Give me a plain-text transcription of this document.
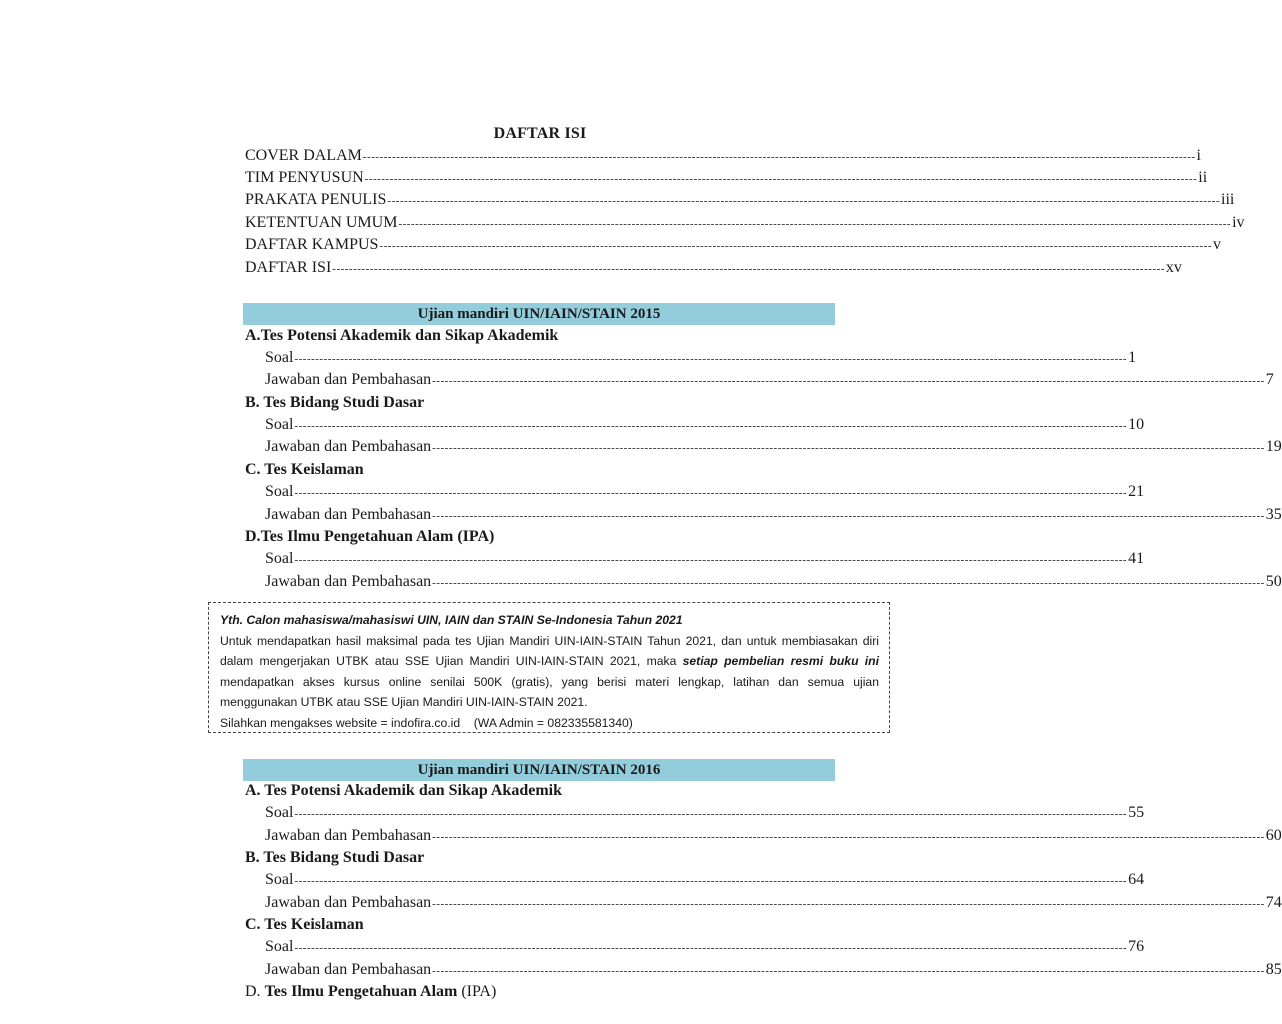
DAFTAR ISI
COVER DALAM -------------------------------------------------------------------------------------------------------------------------------------------------------------------------------------------------------- i
TIM PENYUSUN -------------------------------------------------------------------------------------------------------------------------------------------------------------------------------------------------------- ii
PRAKATA PENULIS -------------------------------------------------------------------------------------------------------------------------------------------------------------------------------------------------------- iii
KETENTUAN UMUM -------------------------------------------------------------------------------------------------------------------------------------------------------------------------------------------------------- iv
DAFTAR KAMPUS -------------------------------------------------------------------------------------------------------------------------------------------------------------------------------------------------------- v
DAFTAR ISI -------------------------------------------------------------------------------------------------------------------------------------------------------------------------------------------------------- xv
Ujian mandiri UIN/IAIN/STAIN 2015
A.Tes Potensi Akademik dan Sikap Akademik
Soal -------------------------------------------------------------------------------------------------------------------------------------------------------------------------------------------------------- 1
Jawaban dan Pembahasan -------------------------------------------------------------------------------------------------------------------------------------------------------------------------------------------------------- 7
B. Tes Bidang Studi Dasar
Soal -------------------------------------------------------------------------------------------------------------------------------------------------------------------------------------------------------- 10
Jawaban dan Pembahasan -------------------------------------------------------------------------------------------------------------------------------------------------------------------------------------------------------- 19
C. Tes Keislaman
Soal -------------------------------------------------------------------------------------------------------------------------------------------------------------------------------------------------------- 21
Jawaban dan Pembahasan -------------------------------------------------------------------------------------------------------------------------------------------------------------------------------------------------------- 35
D.Tes Ilmu Pengetahuan Alam (IPA)
Soal -------------------------------------------------------------------------------------------------------------------------------------------------------------------------------------------------------- 41
Jawaban dan Pembahasan -------------------------------------------------------------------------------------------------------------------------------------------------------------------------------------------------------- 50
Yth. Calon mahasiswa/mahasiswi UIN, IAIN dan STAIN Se-Indonesia Tahun 2021
Untuk mendapatkan hasil maksimal pada tes Ujian Mandiri UIN-IAIN-STAIN Tahun 2021, dan untuk membiasakan diri dalam mengerjakan UTBK atau SSE Ujian Mandiri UIN-IAIN-STAIN 2021, maka setiap pembelian resmi buku ini mendapatkan akses kursus online senilai 500K (gratis), yang berisi materi lengkap, latihan dan semua ujian menggunakan UTBK atau SSE Ujian Mandiri UIN-IAIN-STAIN 2021.
Silahkan mengakses website = indofira.co.id (WA Admin = 082335581340)
Ujian mandiri UIN/IAIN/STAIN 2016
A. Tes Potensi Akademik dan Sikap Akademik
Soal -------------------------------------------------------------------------------------------------------------------------------------------------------------------------------------------------------- 55
Jawaban dan Pembahasan -------------------------------------------------------------------------------------------------------------------------------------------------------------------------------------------------------- 60
B. Tes Bidang Studi Dasar
Soal -------------------------------------------------------------------------------------------------------------------------------------------------------------------------------------------------------- 64
Jawaban dan Pembahasan -------------------------------------------------------------------------------------------------------------------------------------------------------------------------------------------------------- 74
C. Tes Keislaman
Soal -------------------------------------------------------------------------------------------------------------------------------------------------------------------------------------------------------- 76
Jawaban dan Pembahasan -------------------------------------------------------------------------------------------------------------------------------------------------------------------------------------------------------- 85
D. Tes Ilmu Pengetahuan Alam (IPA)
